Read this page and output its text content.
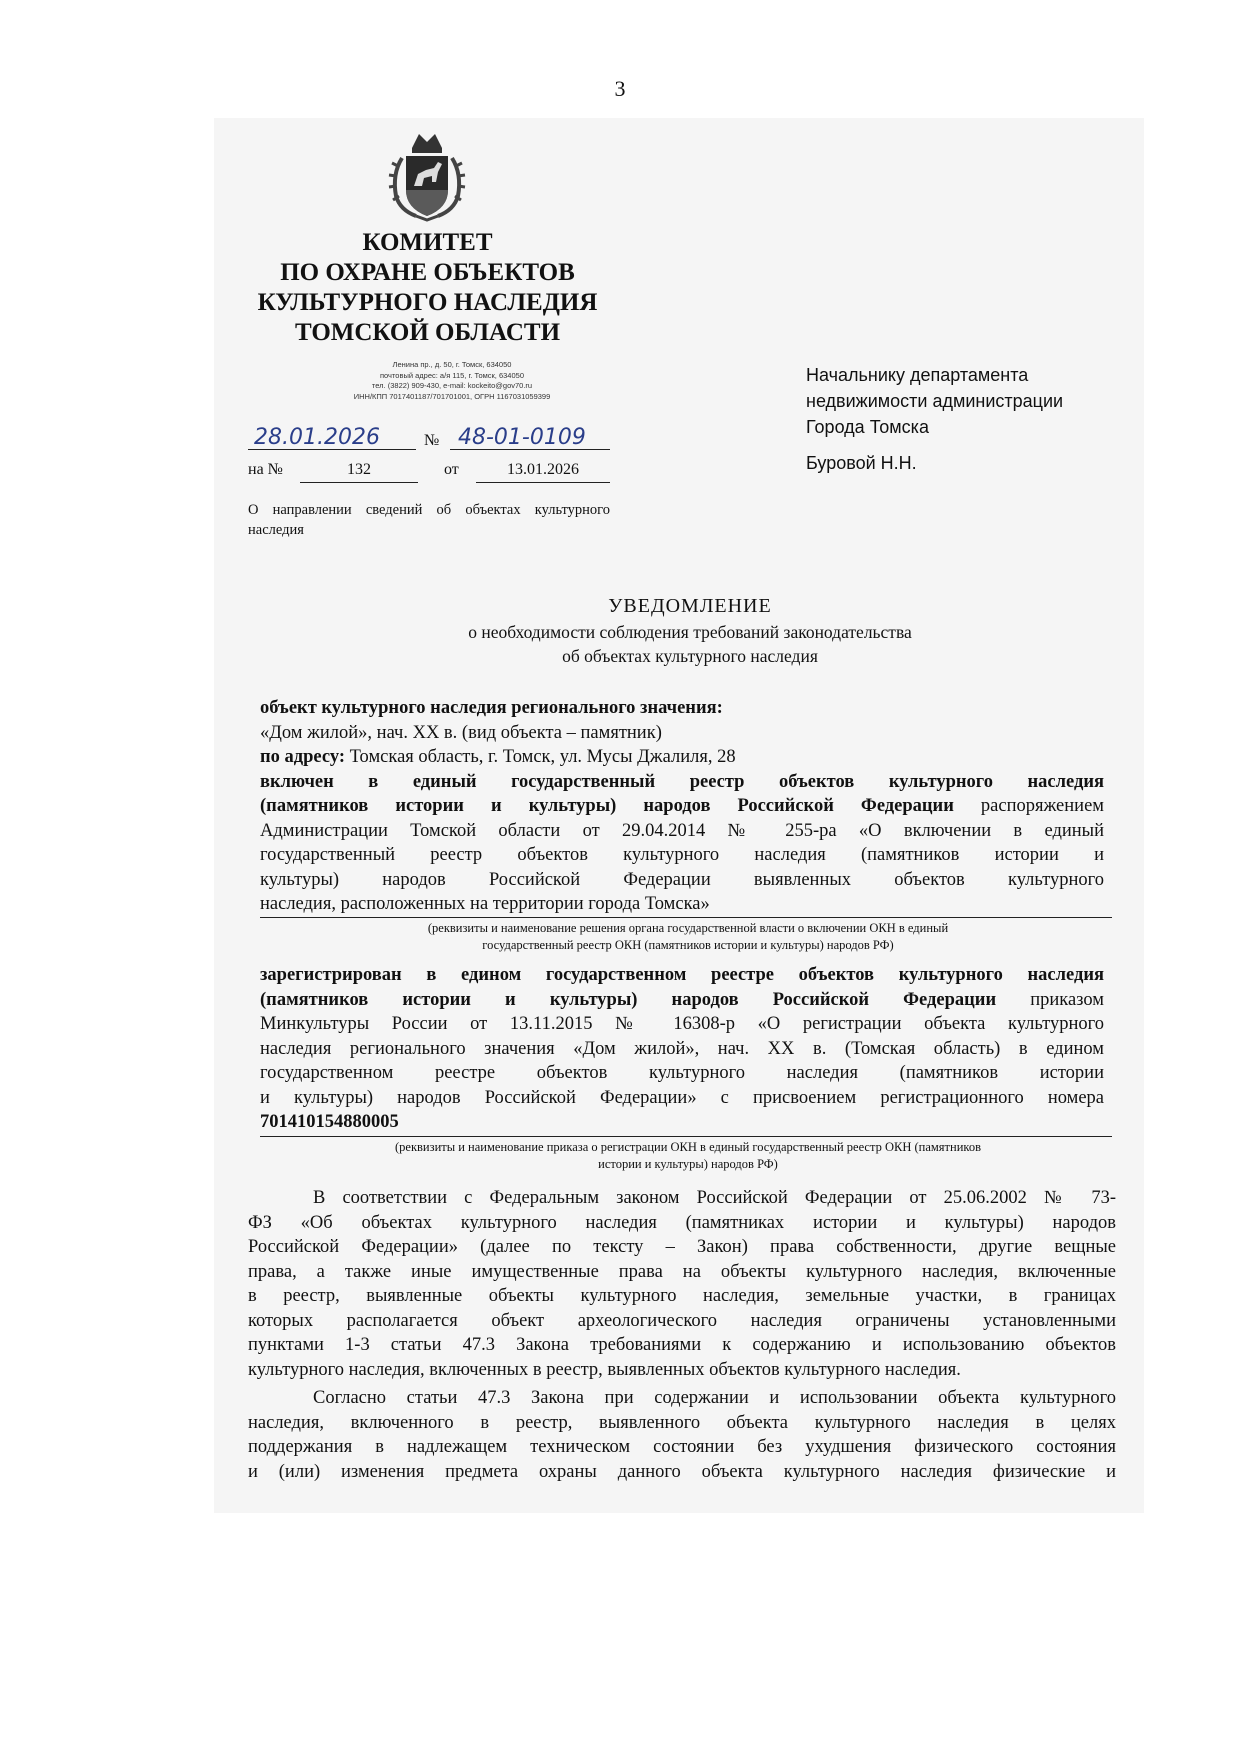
3
КОМИТЕТ
ПО ОХРАНЕ ОБЪЕКТОВ
КУЛЬТУРНОГО НАСЛЕДИЯ
ТОМСКОЙ ОБЛАСТИ
Ленина пр., д. 50, г. Томск, 634050
почтовый адрес: а/я 115, г. Томск, 634050
тел. (3822) 909-430, e-mail: kockeito@gov70.ru
ИНН/КПП 7017401187/701701001, ОГРН 1167031059399
28.01.2026	№ 48-01-0109
на №	132	от	13.01.2026
О направлении сведений об объектах культурного наследия
Начальнику департамента
недвижимости администрации
Города Томска
Буровой Н.Н.
УВЕДОМЛЕНИЕ
о необходимости соблюдения требований законодательства
об объектах культурного наследия
объект культурного наследия регионального значения:
«Дом жилой», нач. XX в. (вид объекта – памятник)
по адресу: Томская область, г. Томск, ул. Мусы Джалиля, 28
включен в единый государственный реестр объектов культурного наследия
(памятников истории и культуры) народов Российской Федерации распоряжением
Администрации Томской области от 29.04.2014 № 255-ра «О включении в единый
государственный реестр объектов культурного наследия (памятников истории и
культуры) народов Российской Федерации выявленных объектов культурного
наследия, расположенных на территории города Томска»
(реквизиты и наименование решения органа государственной власти о включении ОКН в единый
государственный реестр ОКН (памятников истории и культуры) народов РФ)
зарегистрирован в едином государственном реестре объектов культурного наследия
(памятников истории и культуры) народов Российской Федерации приказом
Минкультуры России от 13.11.2015 № 16308-р «О регистрации объекта культурного
наследия регионального значения «Дом жилой», нач. XX в. (Томская область) в едином
государственном реестре объектов культурного наследия (памятников истории
и культуры) народов Российской Федерации» с присвоением регистрационного номера
701410154880005
(реквизиты и наименование приказа о регистрации ОКН в единый государственный реестр ОКН (памятников
истории и культуры) народов РФ)
В соответствии с Федеральным законом Российской Федерации от 25.06.2002 № 73-
ФЗ «Об объектах культурного наследия (памятниках истории и культуры) народов
Российской Федерации» (далее по тексту – Закон) права собственности, другие вещные
права, а также иные имущественные права на объекты культурного наследия, включенные
в реестр, выявленные объекты культурного наследия, земельные участки, в границах
которых располагается объект археологического наследия ограничены установленными
пунктами 1-3 статьи 47.3 Закона требованиями к содержанию и использованию объектов
культурного наследия, включенных в реестр, выявленных объектов культурного наследия.
Согласно статьи 47.3 Закона при содержании и использовании объекта культурного
наследия, включенного в реестр, выявленного объекта культурного наследия в целях
поддержания в надлежащем техническом состоянии без ухудшения физического состояния
и (или) изменения предмета охраны данного объекта культурного наследия физические и
